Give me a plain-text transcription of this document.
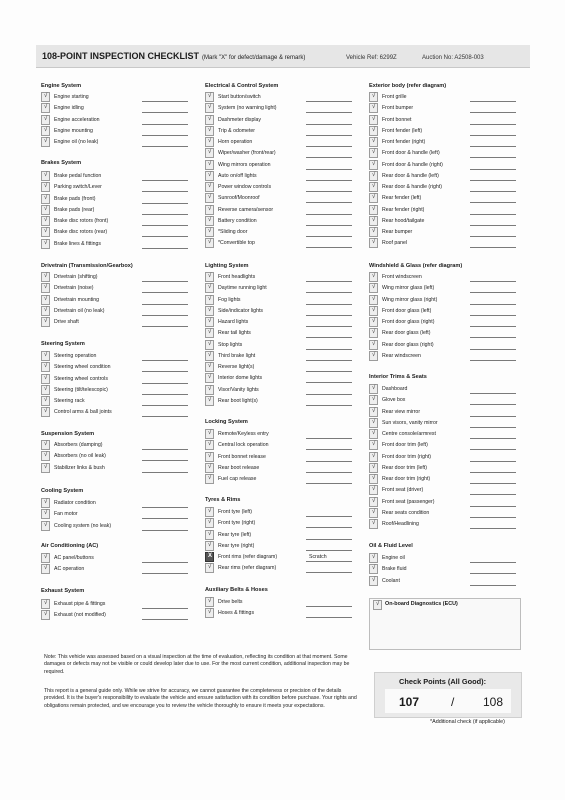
108-POINT INSPECTION CHECKLIST (Mark "X" for defect/damage & remark)	Vehicle Ref: 6299Z	Auction No: A2508-003
Engine System
√ Engine starting
√ Engine idling
√ Engine acceleration
√ Engine mounting
√ Engine oil (no leak)
Brakes System
√ Brake pedal function
√ Parking switch/Lever
√ Brake pads (front)
√ Brake pads (rear)
√ Brake disc rotors (front)
√ Brake disc rotors (rear)
√ Brake lines & fittings
Drivetrain (Transmission/Gearbox)
√ Drivetrain (shifting)
√ Drivetrain (noise)
√ Drivetrain mounting
√ Drivetrain oil (no leak)
√ Drive shaft
Steering System
√ Steering operation
√ Steering wheel condition
√ Steering wheel controls
√ Steering (tilt/telescopic)
√ Steering rack
√ Control arms & ball joints
Suspension System
√ Absorbers (damping)
√ Absorbers (no oil leak)
√ Stabilizer links & bush
Cooling System
√ Radiator condition
√ Fan motor
√ Cooling system (no leak)
Air Conditioning (AC)
√ AC panel/buttons
√ AC operation
Exhaust System
√ Exhaust pipe & fittings
√ Exhaust (not modified)
Electrical & Control System
√ Start button/switch
√ System (no warning light)
√ Dashmeter display
√ Trip & odometer
√ Horn operation
√ Wiper/washer (front/rear)
√ Wing mirrors operation
√ Auto on/off lights
√ Power window controls
√ Sunroof/Moonroof
√ Reverse camera/sensor
√ Battery condition
√ *Sliding door
√ *Convertible top
Lighting System
√ Front headlights
√ Daytime running light
√ Fog lights
√ Side/indicator lights
√ Hazard lights
√ Rear tail lights
√ Stop lights
√ Third brake light
√ Reverse light(s)
√ Interior dome lights
√ Visor/Vanity lights
√ Rear boot light(s)
Locking System
√ Remote/Keyless entry
√ Central lock operation
√ Front bonnet release
√ Rear boot release
√ Fuel cap release
Tyres & Rims
√ Front tyre (left)
√ Front tyre (right)
√ Rear tyre (left)
√ Rear tyre (right)
X Front rims (refer diagram)	Scratch
√ Rear rims (refer diagram)
Auxiliary Belts & Hoses
√ Drive belts
√ Hoses & fittings
Exterior body (refer diagram)
√ Front grille
√ Front bumper
√ Front bonnet
√ Front fender (left)
√ Front fender (right)
√ Front door & handle (left)
√ Front door & handle (right)
√ Rear door & handle (left)
√ Rear door & handle (right)
√ Rear fender (left)
√ Rear fender (right)
√ Rear hood/tailgate
√ Rear bumper
√ Roof panel
Windshield & Glass (refer diagram)
√ Front windscreen
√ Wing mirror glass (left)
√ Wing mirror glass (right)
√ Front door glass (left)
√ Front door glass (right)
√ Rear door glass (left)
√ Rear door glass (right)
√ Rear windscreen
Interior Trims & Seats
√ Dashboard
√ Glove box
√ Rear view mirror
√ Sun visors, vanity mirror
√ Centre console/armrest
√ Front door trim (left)
√ Front door trim (right)
√ Rear door trim (left)
√ Rear door trim (right)
√ Front seat (driver)
√ Front seat (passenger)
√ Rear seats condition
√ Roof/Headlining
Oil & Fluid Level
√ Engine oil
√ Brake fluid
√ Coolant
√ On-board Diagnostics (ECU)
Note: This vehicle was assessed based on a visual inspection at the time of evaluation, reflecting its condition at that moment. Some damages or defects may not be visible or could develop later due to use. For the most current condition, additional inspection may be required.
This report is a general guide only. While we strive for accuracy, we cannot guarantee the completeness or precision of the details provided. It is the buyer's responsibility to evaluate the vehicle and ensure satisfaction with its condition before purchase. Your rights and obligations remain protected, and we encourage you to review the vehicle thoroughly to ensure it meets your expectations.
Check Points (All Good):
107	/ 108
*Additional check (if applicable)
